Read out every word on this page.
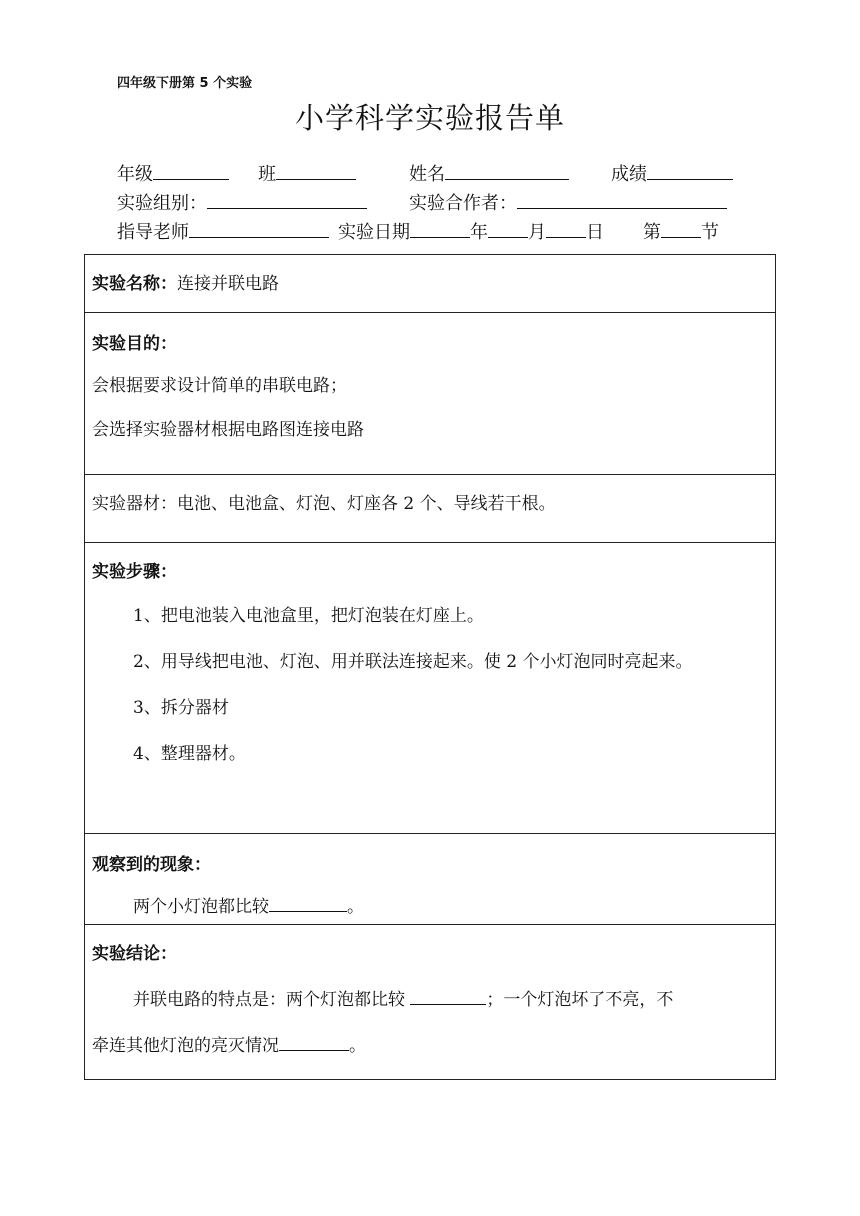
四年级下册第 5 个实验
小学科学实验报告单
年级	班	姓名	成绩
实验组别：	实验合作者：
指导老师	实验日期	年 月 日 第 节
实验名称：连接并联电路
实验目的：
会根据要求设计简单的串联电路；
会选择实验器材根据电路图连接电路
实验器材：电池、电池盒、灯泡、灯座各 2 个、导线若干根。
实验步骤：
1、把电池装入电池盒里，把灯泡装在灯座上。
2、用导线把电池、灯泡、用并联法连接起来。使 2 个小灯泡同时亮起来。
3、拆分器材
4、整理器材。
观察到的现象：
两个小灯泡都比较	。
实验结论：
并联电路的特点是：两个灯泡都比较	；一个灯泡坏了不亮，不
牵连其他灯泡的亮灭情况	。
